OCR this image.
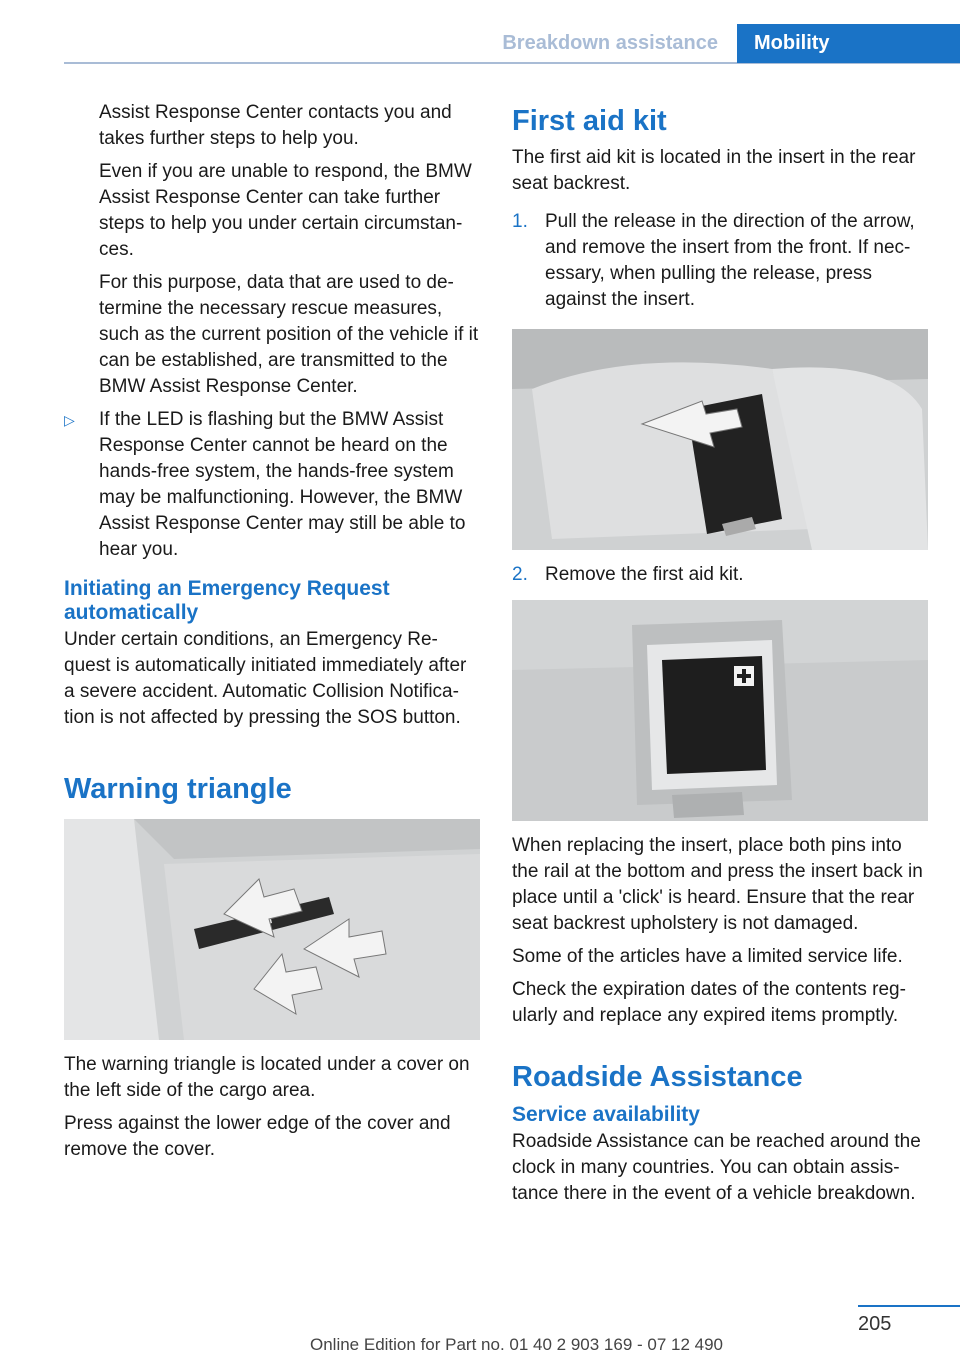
Breakdown assistance	Mobility

Assist Response Center contacts you and takes further steps to help you.

Even if you are unable to respond, the BMW Assist Response Center can take further steps to help you under certain circumstan‐ ces.

For this purpose, data that are used to de‐ termine the necessary rescue measures, such as the current position of the vehicle if it can be established, are transmitted to the BMW Assist Response Center.

▷	If the LED is flashing but the BMW Assist Response Center cannot be heard on the hands-free system, the hands-free system may be malfunctioning. However, the BMW Assist Response Center may still be able to hear you.
Initiating an Emergency Request automatically

Under certain conditions, an Emergency Re‐ quest is automatically initiated immediately after a severe accident. Automatic Collision Notifica‐ tion is not affected by pressing the SOS button.

Warning triangle

The warning triangle is located under a cover on the left side of the cargo area.

Press against the lower edge of the cover and remove the cover.

First aid kit

The first aid kit is located in the insert in the rear seat backrest.

1. Pull the release in the direction of the arrow, and remove the insert from the front. If nec‐ essary, when pulling the release, press against the insert.
2. Remove the first aid kit.

When replacing the insert, place both pins into the rail at the bottom and press the insert back in place until a 'click' is heard. Ensure that the rear seat backrest upholstery is not damaged.

Some of the articles have a limited service life.

Check the expiration dates of the contents reg‐ ularly and replace any expired items promptly.

Roadside Assistance
Service availability

Roadside Assistance can be reached around the clock in many countries. You can obtain assis‐ tance there in the event of a vehicle breakdown.

205
Online Edition for Part no. 01 40 2 903 169 - 07 12 490
